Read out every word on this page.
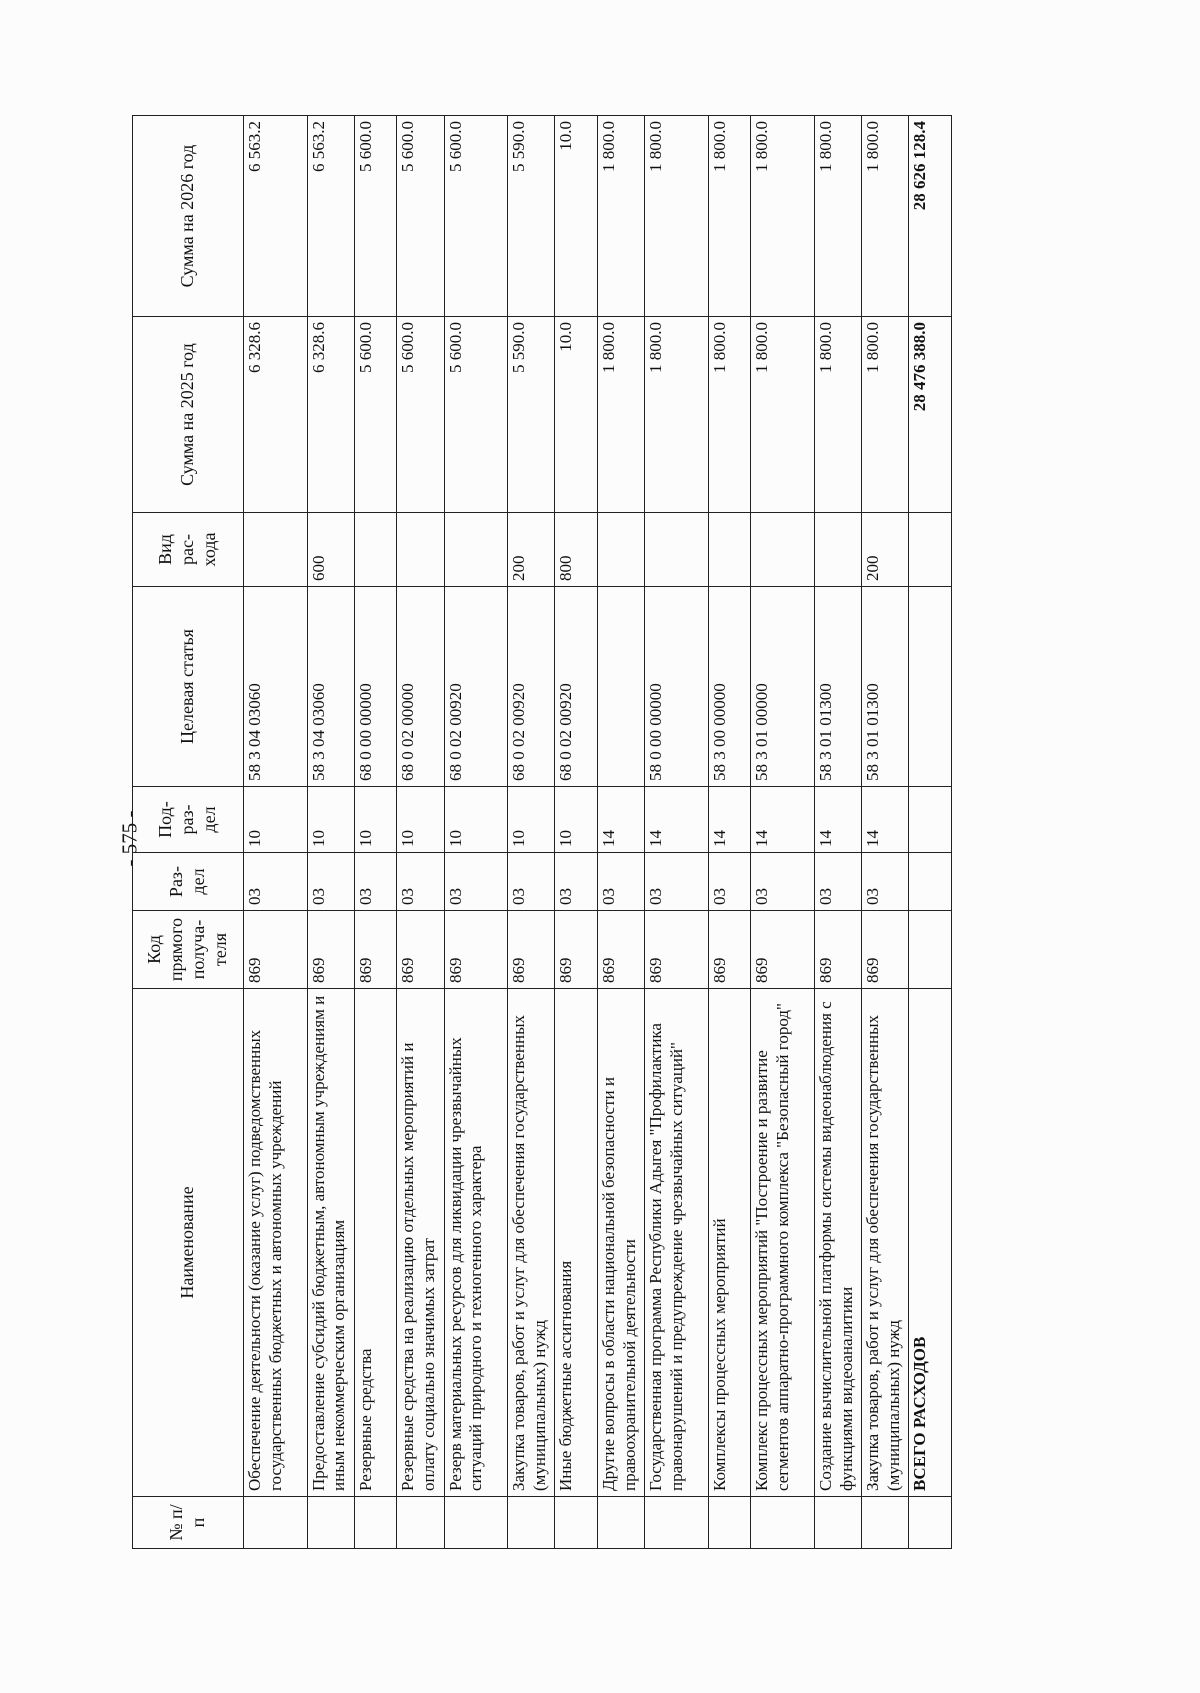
- 575 -
№ п/п	Наименование	Код прямого получа-теля	Раз-дел	Под-раз-дел	Целевая статья	Вид рас-хода	Сумма на 2025 год	Сумма на 2026 год
	Обеспечение деятельности (оказание услуг) подведомственных государственных бюджетных и автономных учреждений	869	03	10	58 3 04 03060		6 328.6	6 563.2
	Предоставление субсидий бюджетным, автономным учреждениям и иным некоммерческим организациям	869	03	10	58 3 04 03060	600	6 328.6	6 563.2
	Резервные средства	869	03	10	68 0 00 00000		5 600.0	5 600.0
	Резервные средства на реализацию отдельных мероприятий и оплату социально значимых затрат	869	03	10	68 0 02 00000		5 600.0	5 600.0
	Резерв материальных ресурсов для ликвидации чрезвычайных ситуаций природного и техногенного характера	869	03	10	68 0 02 00920		5 600.0	5 600.0
	Закупка товаров, работ и услуг для обеспечения государственных (муниципальных) нужд	869	03	10	68 0 02 00920	200	5 590.0	5 590.0
	Иные бюджетные ассигнования	869	03	10	68 0 02 00920	800	10.0	10.0
	Другие вопросы в области национальной безопасности и правоохранительной деятельности	869	03	14			1 800.0	1 800.0
	Государственная программа Республики Адыгея "Профилактика правонарушений и предупреждение чрезвычайных ситуаций"	869	03	14	58 0 00 00000		1 800.0	1 800.0
	Комплексы процессных мероприятий	869	03	14	58 3 00 00000		1 800.0	1 800.0
	Комплекс процессных мероприятий "Построение и развитие сегментов аппаратно-программного комплекса "Безопасный город"	869	03	14	58 3 01 00000		1 800.0	1 800.0
	Создание вычислительной платформы системы видеонаблюдения с функциями видеоаналитики	869	03	14	58 3 01 01300		1 800.0	1 800.0
	Закупка товаров, работ и услуг для обеспечения государственных (муниципальных) нужд	869	03	14	58 3 01 01300	200	1 800.0	1 800.0
	ВСЕГО РАСХОДОВ						28 476 388.0	28 626 128.4
